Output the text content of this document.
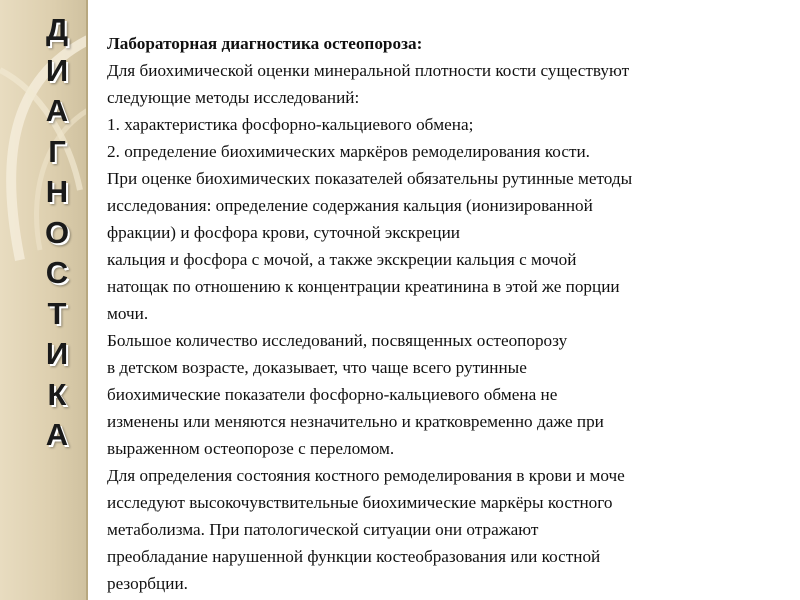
Д
И
А
Г
Н
О
С
Т
И
К
А
Лабораторная диагностика остеопороза:
Для биохимической оценки минеральной плотности кости существуют
следующие методы исследований:
1. характеристика фосфорно-кальциевого обмена;
2. определение биохимических маркёров ремоделирования кости.
При оценке биохимических показателей обязательны рутинные методы
исследования: определение содержания кальция (ионизированной
фракции) и фосфора крови, суточной экскреции
кальция и фосфора с мочой, а также экскреции кальция с мочой
натощак по отношению к концентрации креатинина в этой же порции
мочи.
Большое количество исследований, посвященных остеопорозу
в детском возрасте, доказывает, что чаще всего рутинные
биохимические показатели фосфорно-кальциевого обмена не
изменены или меняются незначительно и кратковременно даже при
выраженном остеопорозе с переломом.
Для определения состояния костного ремоделирования в крови и моче
исследуют высокочувствительные биохимические маркёры костного
метаболизма. При патологической ситуации они отражают
преобладание нарушенной функции костеобразования или костной
резорбции.
